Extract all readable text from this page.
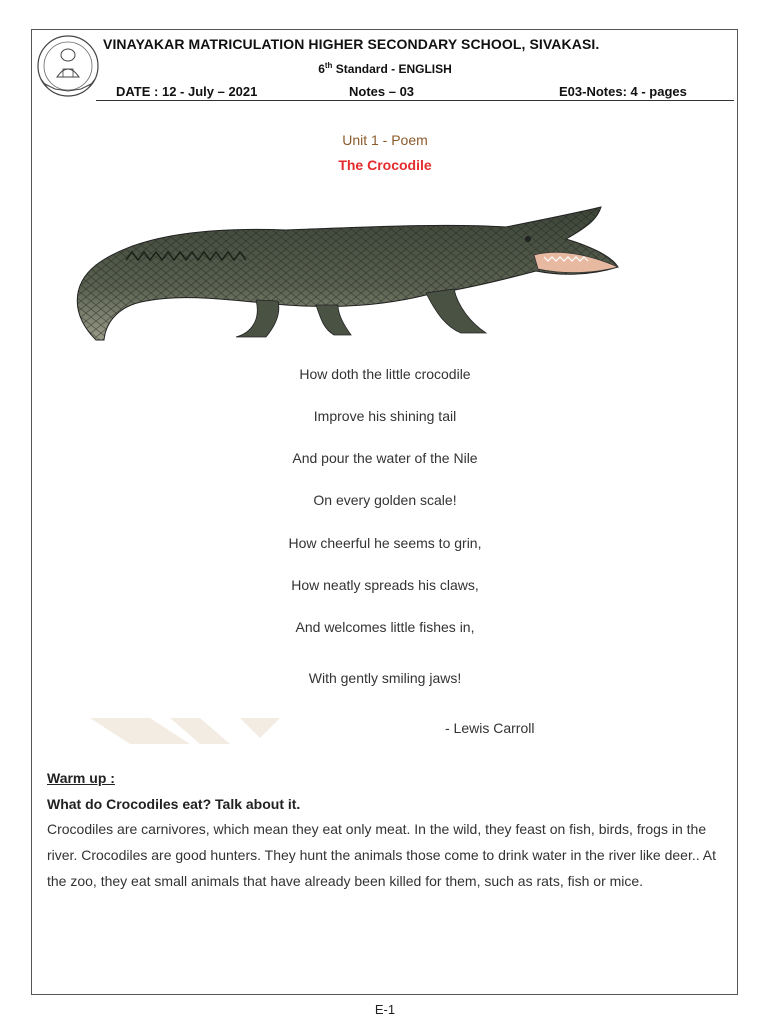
VINAYAKAR MATRICULATION HIGHER SECONDARY SCHOOL, SIVAKASI.
6th Standard - ENGLISH
DATE : 12 - July – 2021	Notes – 03	E03-Notes: 4 - pages
Unit 1 - Poem
The Crocodile
How doth the little crocodile
Improve his shining tail
And pour the water of the Nile
On every golden scale!
How cheerful he seems to grin,
How neatly spreads his claws,
And welcomes little fishes in,
With gently smiling jaws!
- Lewis Carroll
Warm up :
What do Crocodiles eat? Talk about it.
Crocodiles are carnivores, which mean they eat only meat. In the wild, they feast on fish, birds, frogs in the river. Crocodiles are good hunters. They hunt the animals those come to drink water in the river like deer.. At the zoo, they eat small animals that have already been killed for them, such as rats, fish or mice.
E-1
